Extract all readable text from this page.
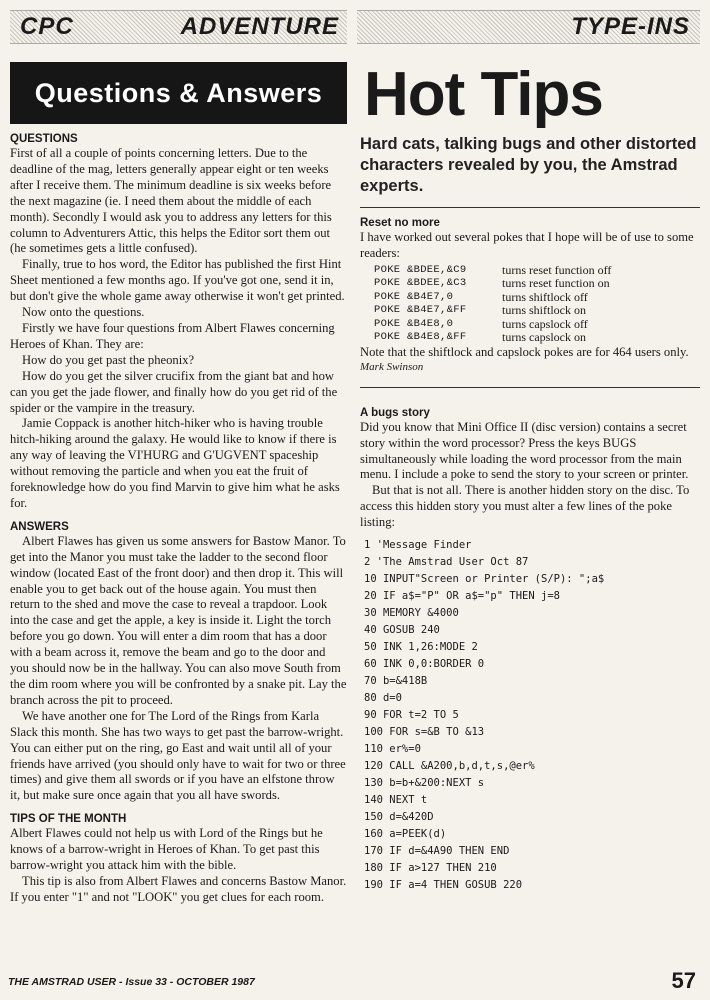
CPC	ADVENTURE	TYPE-INS
Questions & Answers
QUESTIONS

First of all a couple of points concerning letters. Due to the deadline of the mag, letters generally appear eight or ten weeks after I receive them. The minimum deadline is six weeks before the next magazine (ie. I need them about the middle of each month). Secondly I would ask you to address any letters for this column to Adventurers Attic, this helps the Editor sort them out (he sometimes gets a little confused).

Finally, true to hos word, the Editor has published the first Hint Sheet mentioned a few months ago. If you've got one, send it in, but don't give the whole game away otherwise it won't get printed.

Now onto the questions.

Firstly we have four questions from Albert Flawes concerning Heroes of Khan. They are:

How do you get past the pheonix?

How do you get the silver crucifix from the giant bat and how can you get the jade flower, and finally how do you get rid of the spider or the vampire in the treasury.

Jamie Coppack is another hitch-hiker who is having trouble hitch-hiking around the galaxy. He would like to know if there is any way of leaving the VI'HURG and G'UGVENT spaceship without removing the particle and when you eat the fruit of foreknowledge how do you find Marvin to give him what he asks for.

ANSWERS

Albert Flawes has given us some answers for Bastow Manor. To get into the Manor you must take the ladder to the second floor window (located East of the front door) and then drop it. This will enable you to get back out of the house again. You must then return to the shed and move the case to reveal a trapdoor. Look into the case and get the apple, a key is inside it. Light the torch before you go down. You will enter a dim room that has a door with a beam across it, remove the beam and go to the door and you should now be in the hallway. You can also move South from the dim room where you will be confronted by a snake pit. Lay the branch across the pit to proceed.

We have another one for The Lord of the Rings from Karla Slack this month. She has two ways to get past the barrow-wright. You can either put on the ring, go East and wait until all of your friends have arrived (you should only have to wait for two or three times) and give them all swords or if you have an elfstone throw it, but make sure once again that you all have swords.

TIPS OF THE MONTH

Albert Flawes could not help us with Lord of the Rings but he knows of a barrow-wright in Heroes of Khan. To get past this barrow-wright you attack him with the bible.

This tip is also from Albert Flawes and concerns Bastow Manor. If you enter "1" and not "LOOK" you get clues for each room.

Hot Tips
Hard cats, talking bugs and other distorted characters revealed by you, the Amstrad experts.
Reset no more
I have worked out several pokes that I hope will be of use to some readers:
POKE &BDEE,&C9	turns reset function off
POKE &BDEE,&C3	turns reset function on
POKE &B4E7,0	turns shiftlock off
POKE &B4E7,&FF	turns shiftlock on
POKE &B4E8,0	turns capslock off
POKE &B4E8,&FF	turns capslock on
Note that the shiftlock and capslock pokes are for 464 users only.
Mark Swinson
A bugs story

Did you know that Mini Office II (disc version) contains a secret story within the word processor? Press the keys BUGS simultaneously while loading the word processor from the main menu. I include a poke to send the story to your screen or printer.

But that is not all. There is another hidden story on the disc. To access this hidden story you must alter a few lines of the poke listing:

1 'Message Finder
2 'The Amstrad User Oct 87
10 INPUT"Screen or Printer (S/P): ";a$
20 IF a$="P" OR a$="p" THEN j=8
30 MEMORY &4000
40 GOSUB 240
50 INK 1,26:MODE 2
60 INK 0,0:BORDER 0
70 b=&418B
80 d=0
90 FOR t=2 TO 5
100 FOR s=&B TO &13
110 er%=0
120 CALL &A200,b,d,t,s,@er%
130 b=b+&200:NEXT s
140 NEXT t
150 d=&420D
160 a=PEEK(d)
170 IF d=&4A90 THEN END
180 IF a>127 THEN 210
190 IF a=4 THEN GOSUB 220
THE AMSTRAD USER - Issue 33 - OCTOBER 1987	57
